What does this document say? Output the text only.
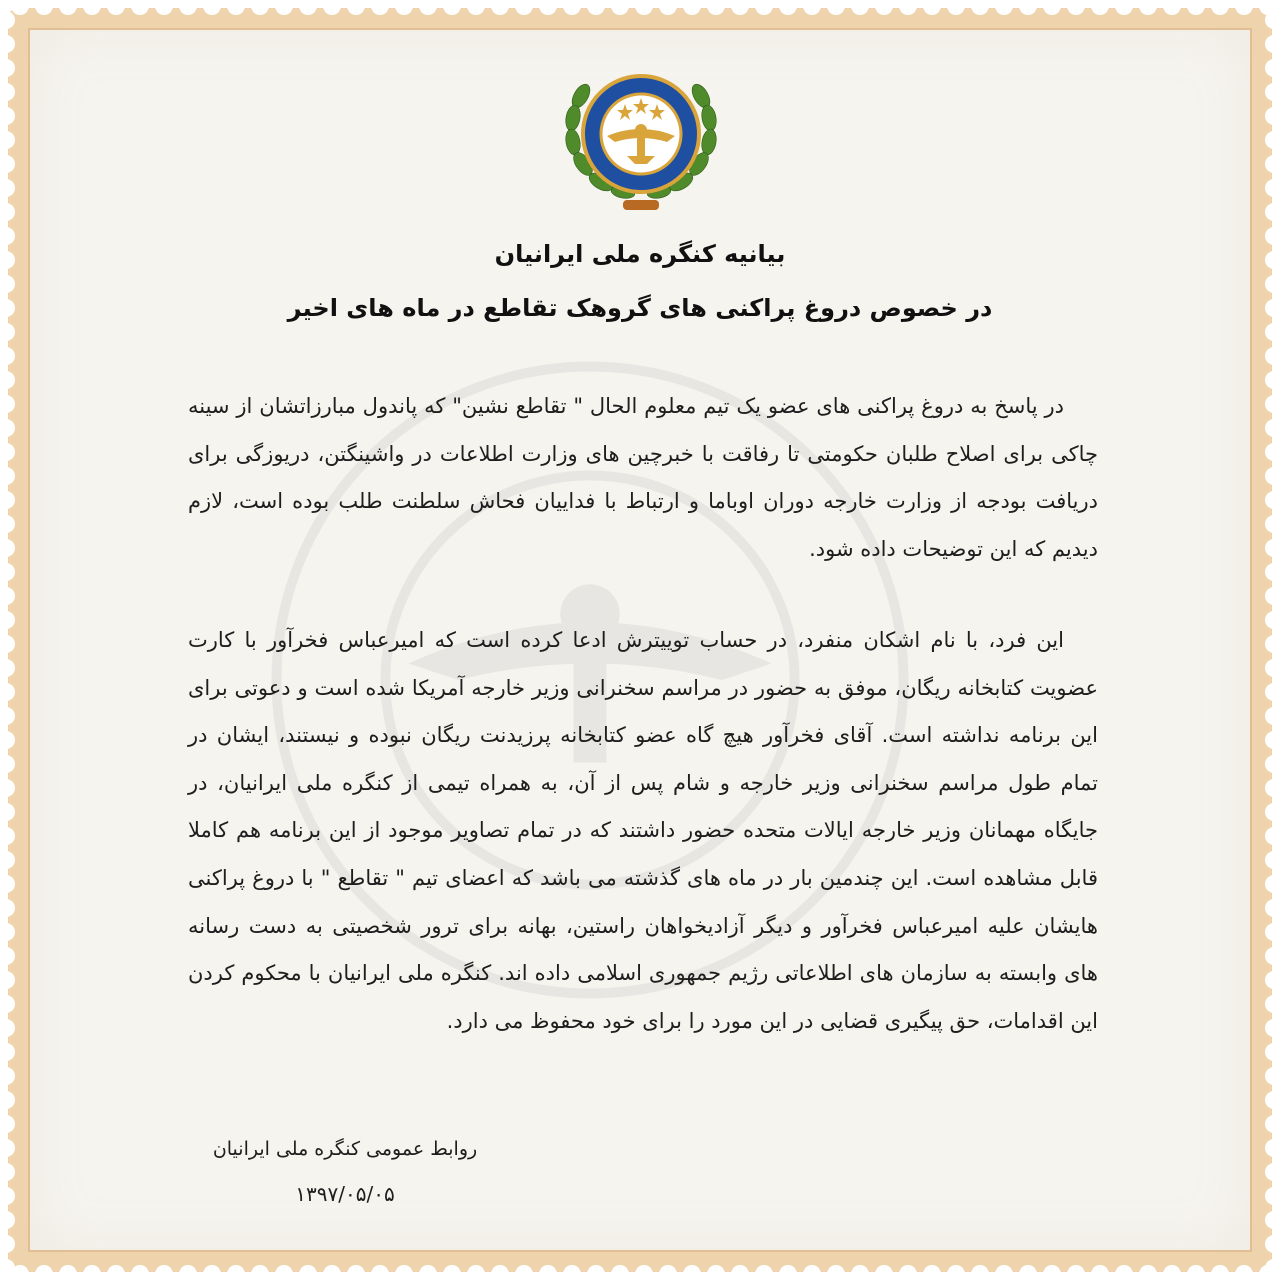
بیانیه کنگره ملی ایرانیان
در خصوص دروغ پراکنی های گروهک تقاطع در ماه های اخیر
در پاسخ به دروغ پراکنی های عضو یک تیم معلوم الحال " تقاطع نشین" که پاندول مبارزاتشان از سینه چاکی برای اصلاح طلبان حکومتی تا رفاقت با خبرچین های وزارت اطلاعات در واشینگتن، دریوزگی برای دریافت بودجه از وزارت خارجه دوران اوباما و ارتباط با فداییان فحاش سلطنت طلب بوده است، لازم دیدیم که این توضیحات داده شود.
این فرد، با نام اشکان منفرد، در حساب توییترش ادعا کرده است که امیرعباس فخرآور با کارت عضویت کتابخانه ریگان، موفق به حضور در مراسم سخنرانی وزیر خارجه آمریکا شده است و دعوتی برای این برنامه نداشته است. آقای فخرآور هیچ گاه عضو کتابخانه پرزیدنت ریگان نبوده و نیستند، ایشان در تمام طول مراسم سخنرانی وزیر خارجه و شام پس از آن، به همراه تیمی از کنگره ملی ایرانیان، در جایگاه مهمانان وزیر خارجه ایالات متحده حضور داشتند که در تمام تصاویر موجود از این برنامه هم کاملا قابل مشاهده است. این چندمین بار در ماه های گذشته می باشد که اعضای تیم " تقاطع " با دروغ پراکنی هایشان علیه امیرعباس فخرآور و دیگر آزادیخواهان راستین، بهانه برای ترور شخصیتی به دست رسانه های وابسته به سازمان های اطلاعاتی رژیم جمهوری اسلامی داده اند. کنگره ملی ایرانیان با محکوم کردن این اقدامات، حق پیگیری قضایی در این مورد را برای خود محفوظ می دارد.
روابط عمومی کنگره ملی ایرانیان
۱۳۹۷/۰۵/۰۵
